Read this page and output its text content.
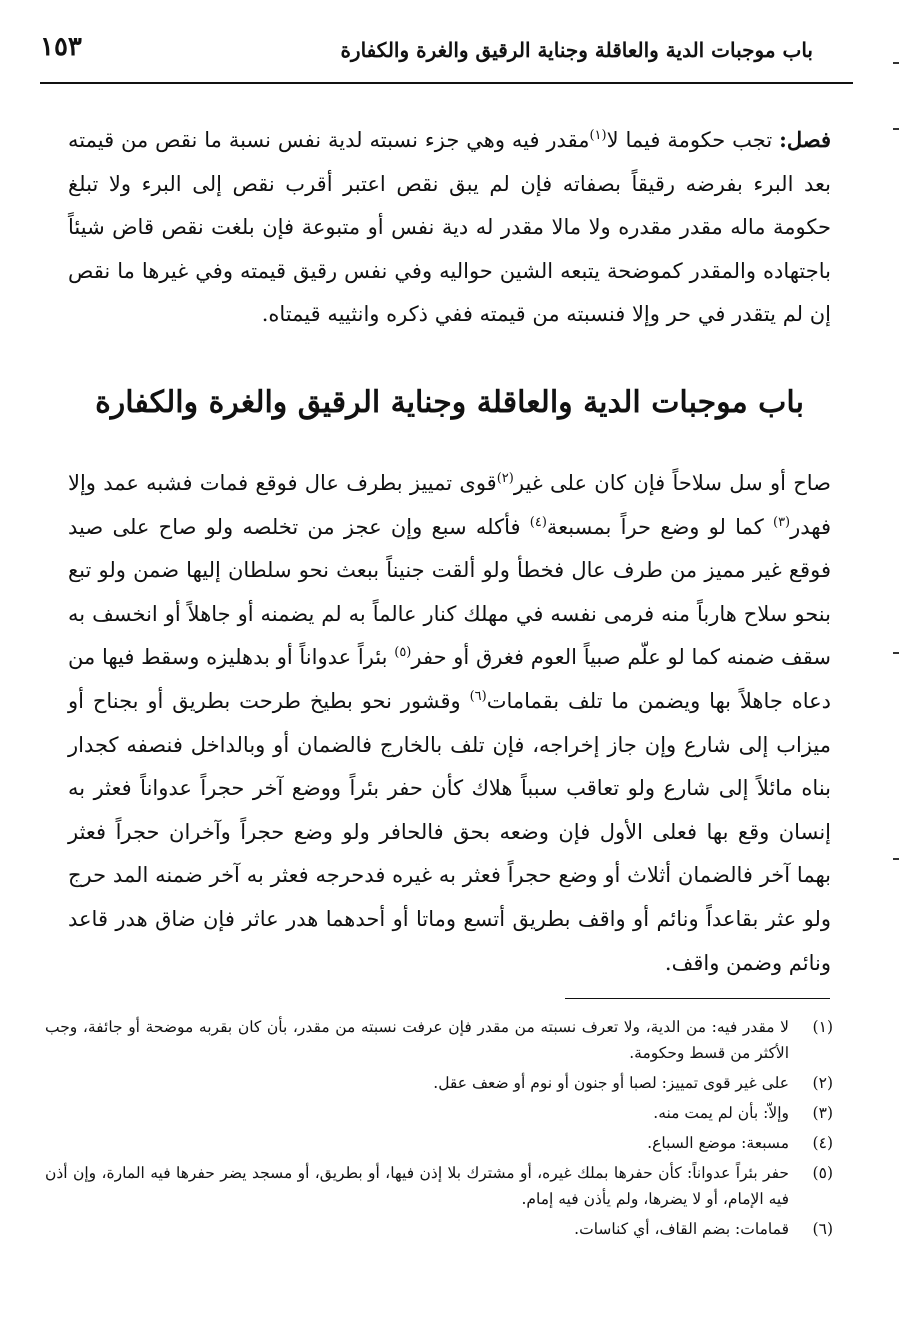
١٥٣	باب موجبات الدية والعاقلة وجناية الرقيق والغرة والكفارة

فصل: تجب حكومة فيما لا$^{(١)}$مقدر فيه وهي جزء نسبته لدية نفس نسبة ما نقص من قيمته بعد البرء بفرضه رقيقاً بصفاته فإن لم يبق نقص اعتبر أقرب نقص إلى البرء ولا تبلغ حكومة ماله مقدر مقدره ولا مالا مقدر له دية نفس أو متبوعة فإن بلغت نقص قاض شيئاً باجتهاده والمقدر كموضحة يتبعه الشين حواليه وفي نفس رقيق قيمته وفي غيرها ما نقص إن لم يتقدر في حر وإلا فنسبته من قيمته ففي ذكره وانثييه قيمتاه.

باب موجبات الدية والعاقلة وجناية الرقيق والغرة والكفارة

صاح أو سل سلاحاً فإن كان على غير$^{(٢)}$قوى تمييز بطرف عال فوقع فمات فشبه عمد وإلا فهدر$^{(٣)}$ كما لو وضع حراً بمسبعة$^{(٤)}$ فأكله سبع وإن عجز من تخلصه ولو صاح على صيد فوقع غير مميز من طرف عال فخطأ ولو ألقت جنيناً ببعث نحو سلطان إليها ضمن ولو تبع بنحو سلاح هارباً منه فرمى نفسه في مهلك كنار عالماً به لم يضمنه أو جاهلاً أو انخسف به سقف ضمنه كما لو علّم صبياً العوم فغرق أو حفر$^{(٥)}$ بئراً عدواناً أو بدهليزه وسقط فيها من دعاه جاهلاً بها ويضمن ما تلف بقمامات$^{(٦)}$ وقشور نحو بطيخ طرحت بطريق أو بجناح أو ميزاب إلى شارع وإن جاز إخراجه، فإن تلف بالخارج فالضمان أو وبالداخل فنصفه كجدار بناه مائلاً إلى شارع ولو تعاقب سبباً هلاك كأن حفر بئراً ووضع آخر حجراً عدواناً فعثر به إنسان وقع بها فعلى الأول فإن وضعه بحق فالحافر ولو وضع حجراً وآخران حجراً فعثر بهما آخر فالضمان أثلاث أو وضع حجراً فعثر به غيره فدحرجه فعثر به آخر ضمنه المد حرج ولو عثر بقاعداً ونائم أو واقف بطريق أتسع وماتا أو أحدهما هدر عاثر فإن ضاق هدر قاعد ونائم وضمن واقف.

(١)
لا مقدر فيه: من الدية، ولا تعرف نسبته من مقدر فإن عرفت نسبته من مقدر، بأن كان بقربه موضحة أو جائفة، وجب الأكثر من قسط وحكومة.
(٢)
على غير قوى تمييز: لصبا أو جنون أو نوم أو ضعف عقل.
(٣)
وإلاّ: بأن لم يمت منه.
(٤)
مسبعة: موضع السباع.
(٥)
حفر بئراً عدواناً: كأن حفرها بملك غيره، أو مشترك بلا إذن فيها، أو بطريق، أو مسجد يضر حفرها فيه المارة، وإن أذن فيه الإمام، أو لا يضرها، ولم يأذن فيه إمام.
(٦)
قمامات: بضم القاف، أي كناسات.
